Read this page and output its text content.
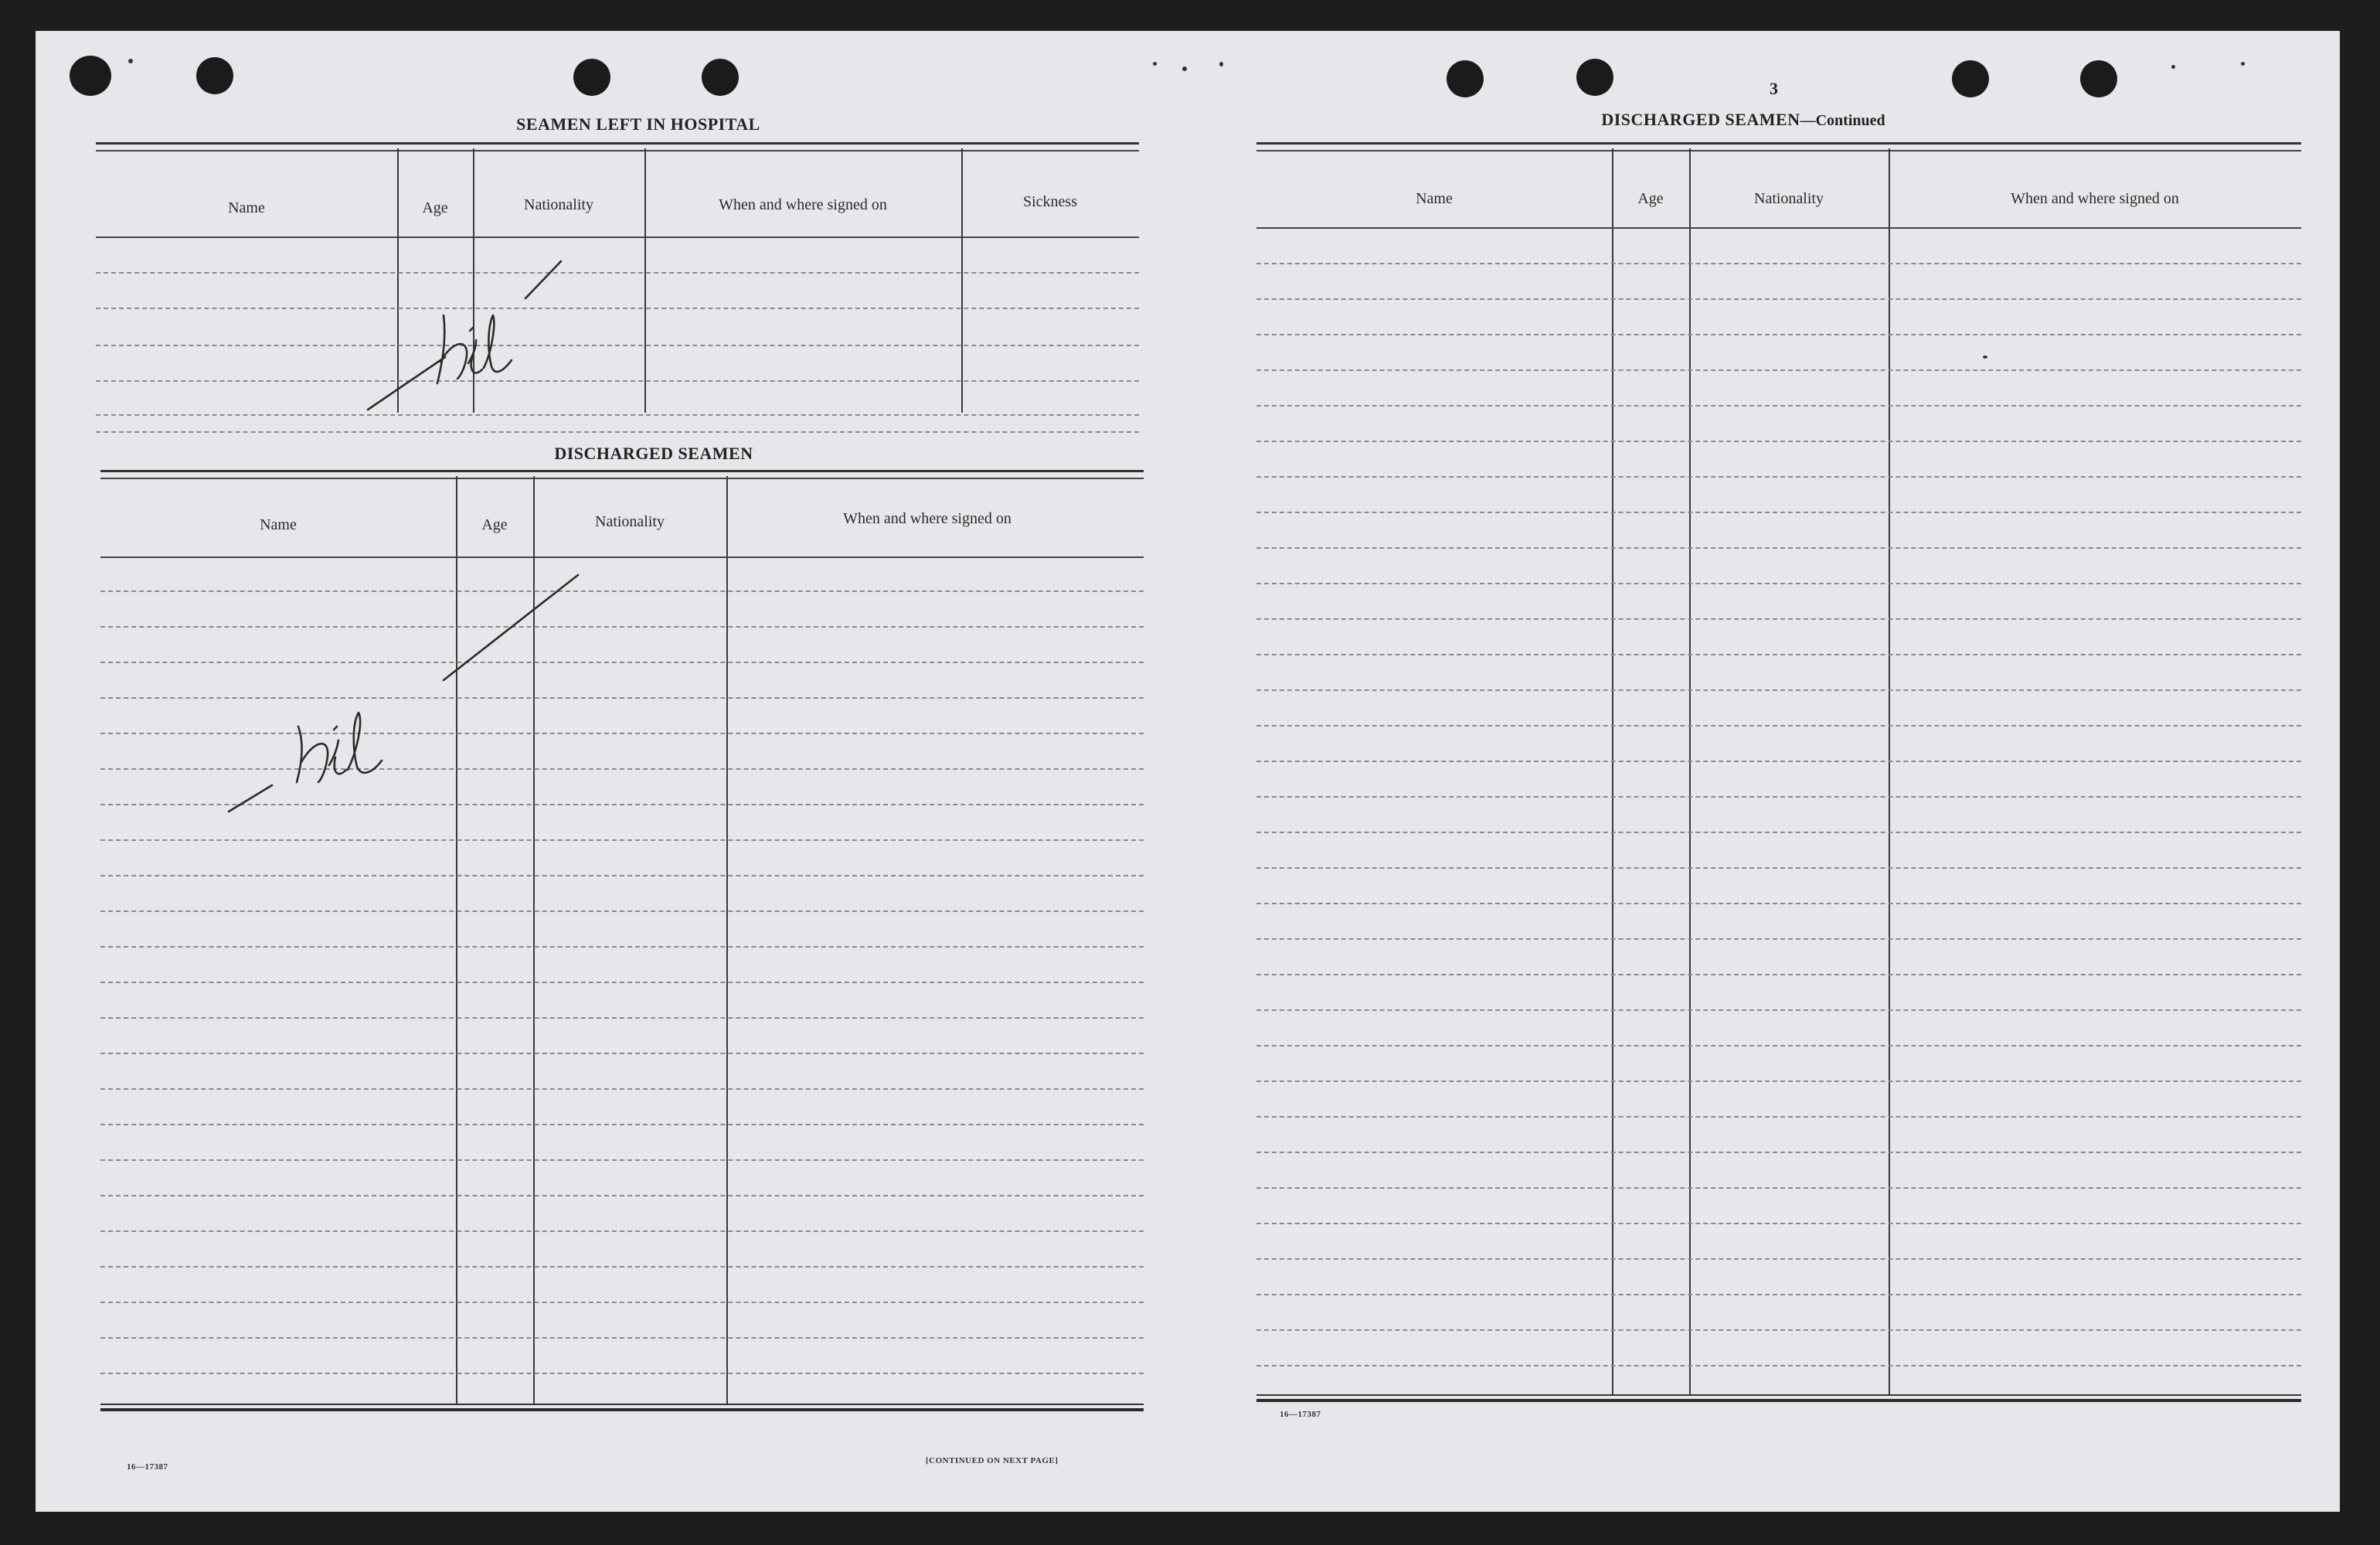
3
SEAMEN LEFT IN HOSPITAL
Name	Age	Nationality	When and where signed on	Sickness
DISCHARGED SEAMEN
Name	Age	Nationality	When and where signed on
16—17387
[CONTINUED ON NEXT PAGE]
DISCHARGED SEAMEN—Continued
Name	Age	Nationality	When and where signed on
16—17387
